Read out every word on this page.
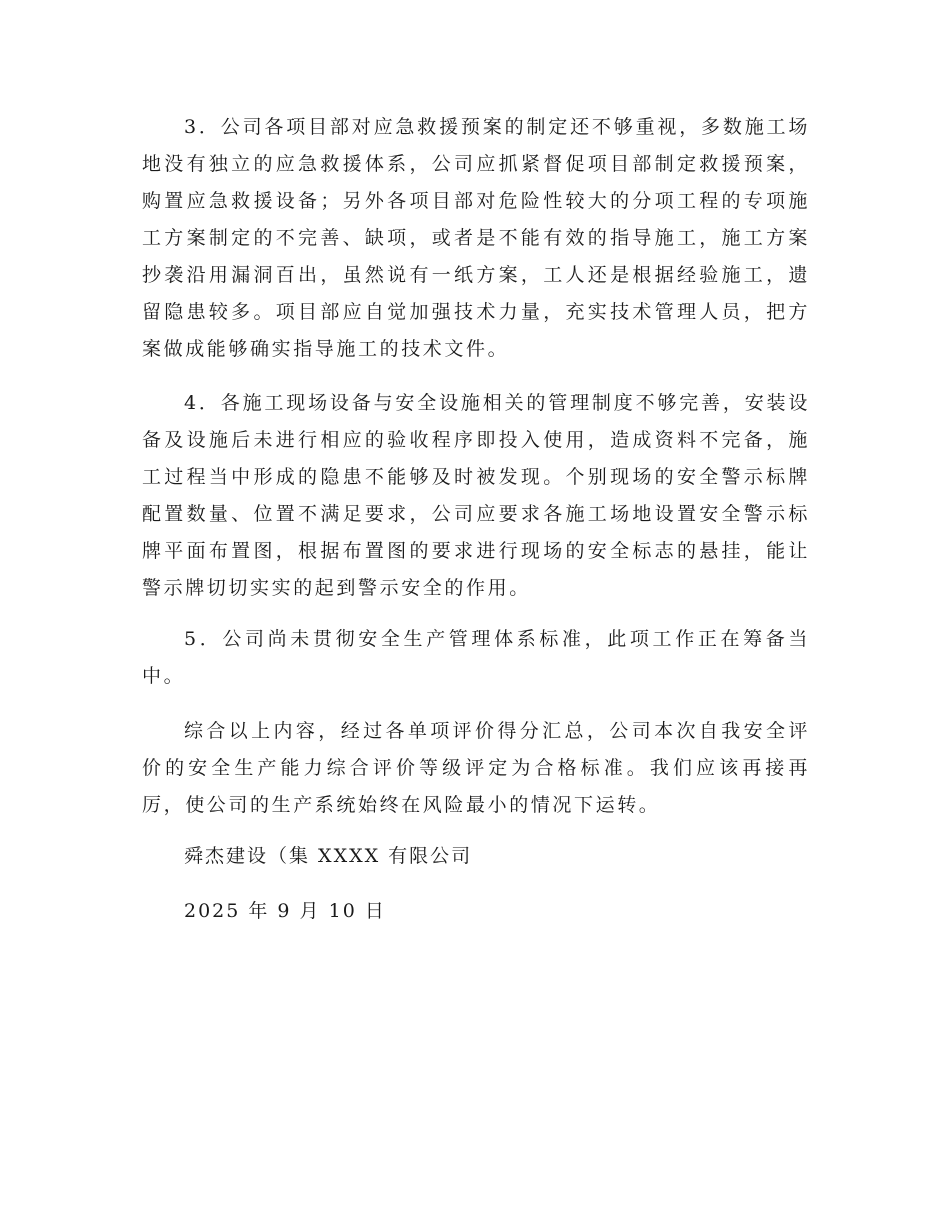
3．公司各项目部对应急救援预案的制定还不够重视，多数施工场地没有独立的应急救援体系，公司应抓紧督促项目部制定救援预案，购置应急救援设备；另外各项目部对危险性较大的分项工程的专项施工方案制定的不完善、缺项，或者是不能有效的指导施工，施工方案抄袭沿用漏洞百出，虽然说有一纸方案，工人还是根据经验施工，遗留隐患较多。项目部应自觉加强技术力量，充实技术管理人员，把方案做成能够确实指导施工的技术文件。

4．各施工现场设备与安全设施相关的管理制度不够完善，安装设备及设施后未进行相应的验收程序即投入使用，造成资料不完备，施工过程当中形成的隐患不能够及时被发现。个别现场的安全警示标牌配置数量、位置不满足要求，公司应要求各施工场地设置安全警示标牌平面布置图，根据布置图的要求进行现场的安全标志的悬挂，能让警示牌切切实实的起到警示安全的作用。

5．公司尚未贯彻安全生产管理体系标准，此项工作正在筹备当中。

综合以上内容，经过各单项评价得分汇总，公司本次自我安全评价的安全生产能力综合评价等级评定为合格标准。我们应该再接再厉，使公司的生产系统始终在风险最小的情况下运转。

舜杰建设（集 XXXX 有限公司
2025 年 9 月 10 日
